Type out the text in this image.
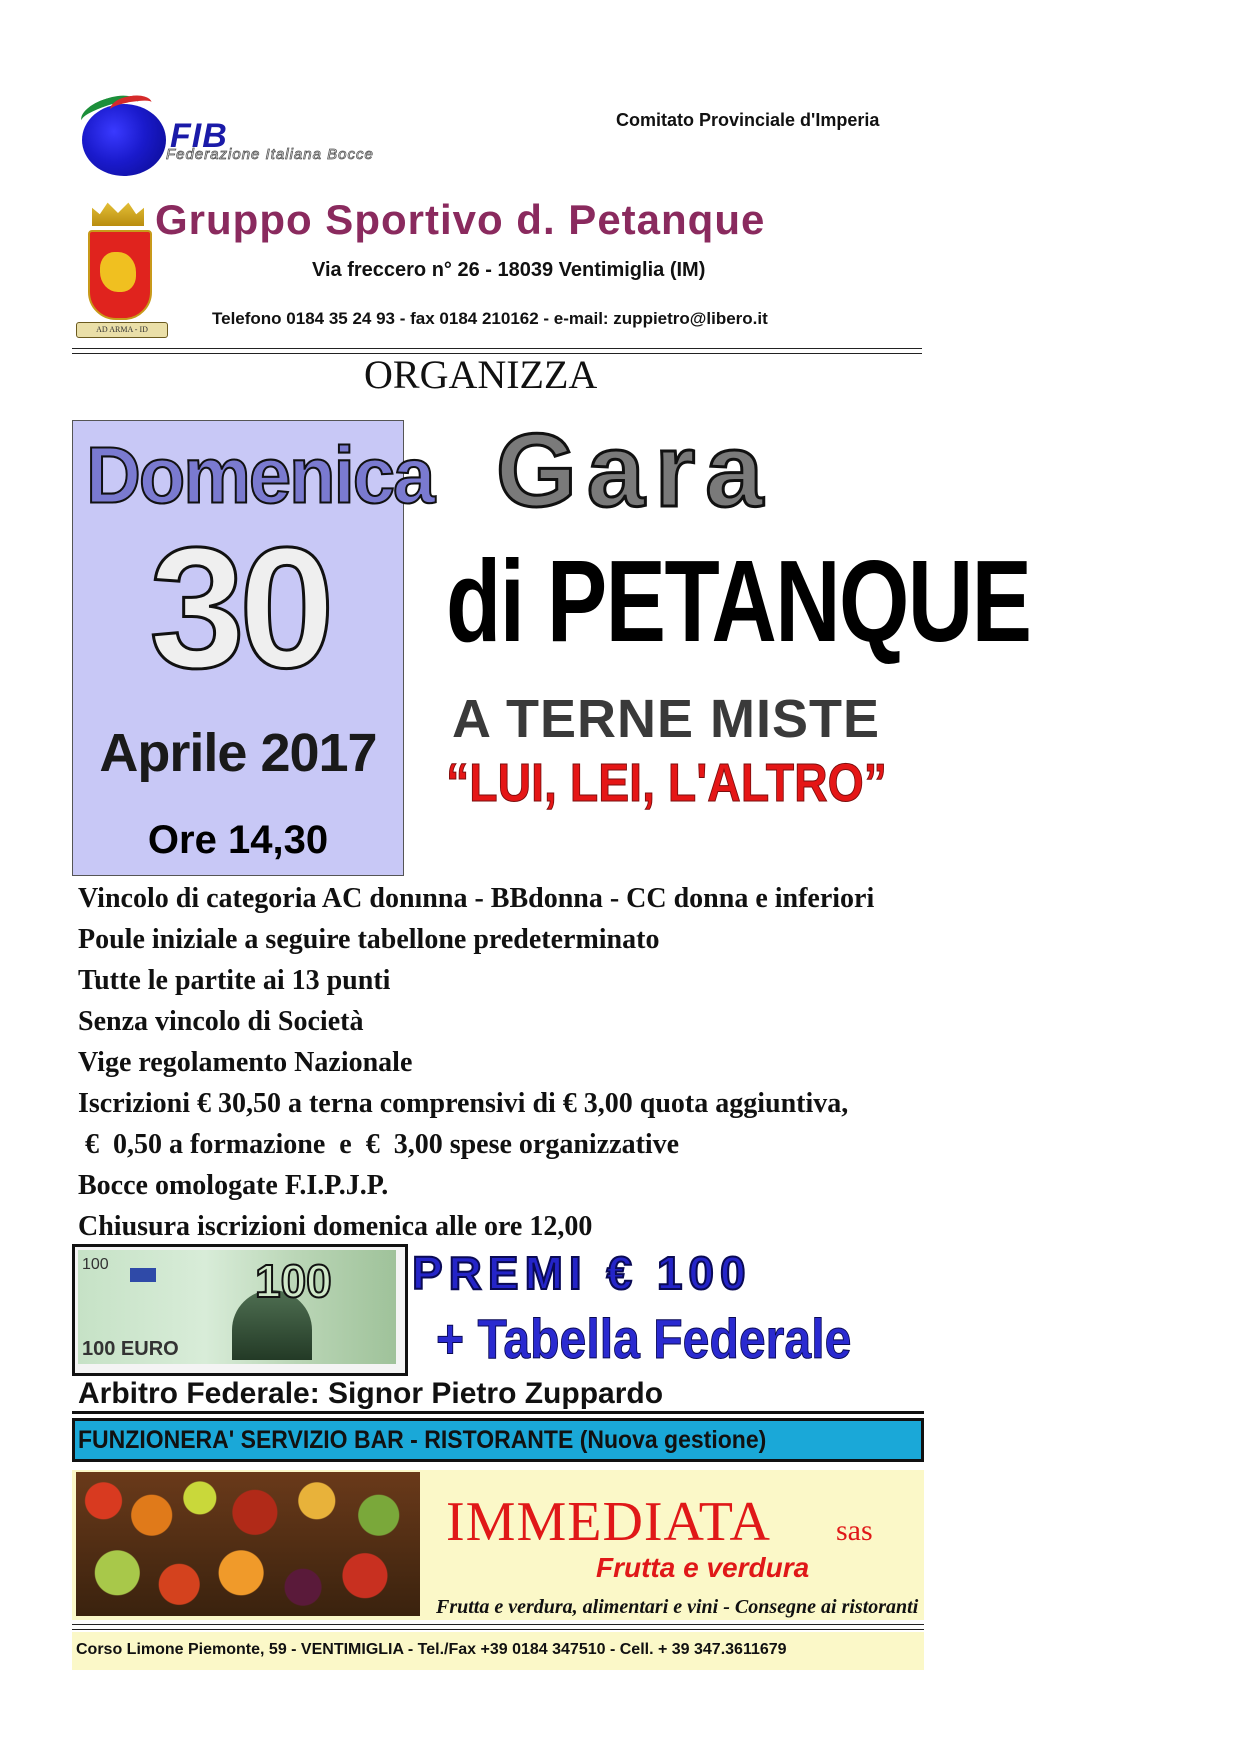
FIB
Federazione Italiana Bocce
Comitato Provinciale d'Imperia
AD ARMA - ID
Gruppo Sportivo d. Petanque
Via freccero n° 26 - 18039 Ventimiglia (IM)
Telefono 0184 35 24 93 - fax 0184 210162 - e-mail: zuppietro@libero.it
ORGANIZZA
Domenica
30
Aprile 2017
Ore 14,30
Gara
di PETANQUE
A TERNE MISTE
“LUI, LEI, L'ALTRO”
Vincolo di categoria AC donınna - BBdonna - CC donna e inferiori
Poule iniziale a seguire tabellone predeterminato
Tutte le partite ai 13 punti
Senza vincolo di Società
Vige regolamento Nazionale
Iscrizioni € 30,50 a terna comprensivi di € 3,00 quota aggiuntiva,
€  0,50 a formazione  e  €  3,00 spese organizzative
Bocce omologate F.I.P.J.P.
Chiusura iscrizioni domenica alle ore 12,00
100
100
100 EURO
PREMI € 100
+ Tabella Federale
Arbitro Federale: Signor Pietro Zuppardo
FUNZIONERA' SERVIZIO BAR - RISTORANTE (Nuova gestione)
IMMEDIATA sas
Frutta e verdura
Frutta e verdura, alimentari e vini - Consegne ai ristoranti
Corso Limone Piemonte, 59 - VENTIMIGLIA - Tel./Fax +39 0184 347510 - Cell. + 39 347.3611679
